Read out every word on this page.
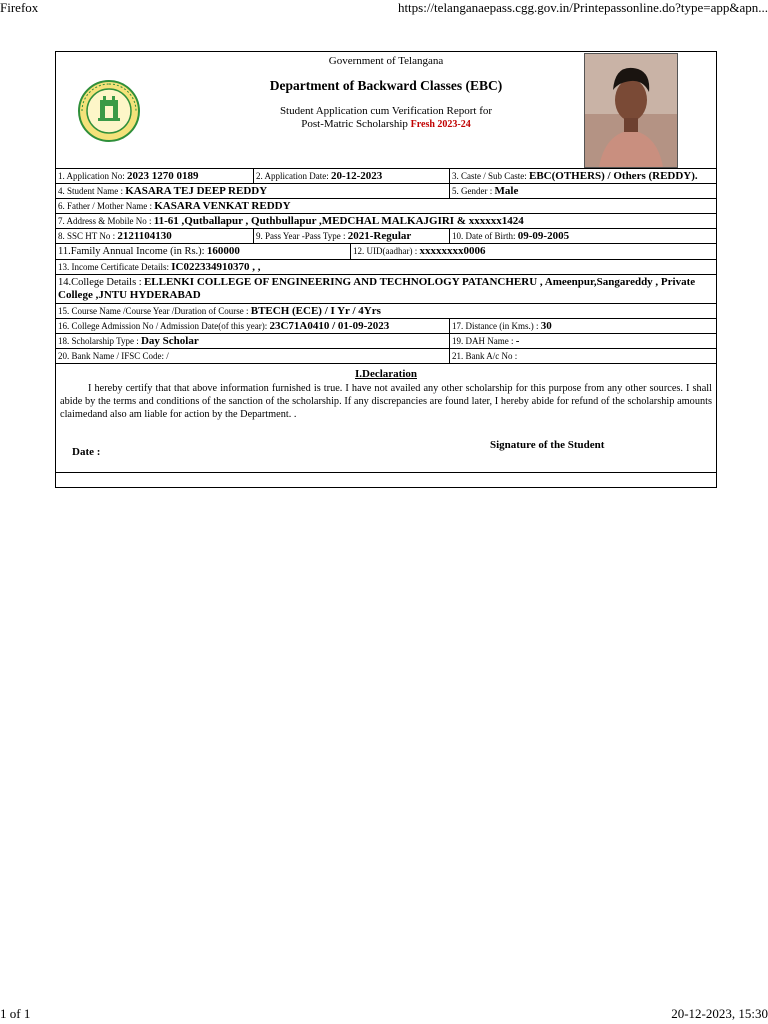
Firefox	https://telanganaepass.cgg.gov.in/Printepassonline.do?type=app&apn...
Government of Telangana
Department of Backward Classes (EBC)
Student Application cum Verification Report for
Post-Matric Scholarship Fresh 2023-24
1. Application No: 2023 1270 0189	2. Application Date: 20-12-2023	3. Caste / Sub Caste: EBC(OTHERS) / Others (REDDY).
4. Student Name : KASARA TEJ DEEP REDDY	5. Gender : Male
6. Father / Mother Name : KASARA VENKAT REDDY
7. Address & Mobile No : 11-61 ,Qutballapur , Quthbullapur ,MEDCHAL MALKAJGIRI & xxxxxx1424
8. SSC HT No : 2121104130	9. Pass Year -Pass Type : 2021-Regular	10. Date of Birth: 09-09-2005
11.Family Annual Income (in Rs.): 160000	12. UID(aadhar) : xxxxxxxx0006
13. Income Certificate Details: IC022334910370 , ,
14.College Details : ELLENKI COLLEGE OF ENGINEERING AND TECHNOLOGY PATANCHERU , Ameenpur,Sangareddy , Private College ,JNTU HYDERABAD
15. Course Name /Course Year /Duration of Course : BTECH (ECE) / I Yr / 4Yrs
16. College Admission No / Admission Date(of this year): 23C71A0410 / 01-09-2023	17. Distance (in Kms.) : 30
18. Scholarship Type : Day Scholar	19. DAH Name : -
20. Bank Name / IFSC Code: /	21. Bank A/c No :
I.Declaration
I hereby certify that that above information furnished is true. I have not availed any other scholarship for this purpose from any other sources. I shall abide by the terms and conditions of the sanction of the scholarship. If any discrepancies are found later, I hereby abide for refund of the scholarship amounts claimedand also am liable for action by the Department. .
Date :
Signature of the Student
1 of 1	20-12-2023, 15:30
